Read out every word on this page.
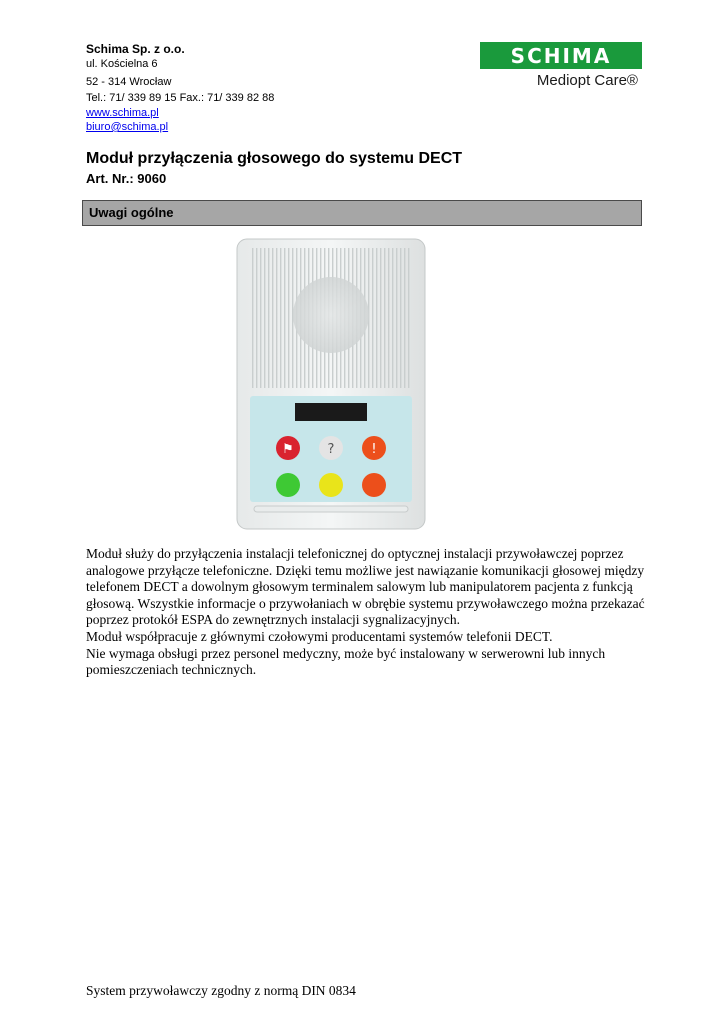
Schima Sp. z o.o.
ul. Kościelna 6
52 - 314 Wrocław
Tel.: 71/ 339 89 15 Fax.: 71/ 339 82 88
www.schima.pl
biuro@schima.pl
SCHIMA
Mediopt Care®
Moduł przyłączenia głosowego do systemu DECT
Art. Nr.: 9060
Uwagi ogólne
⚑	?	!

Moduł służy do przyłączenia instalacji telefonicznej do optycznej instalacji przywoławczej poprzez analogowe przyłącze telefoniczne. Dzięki temu możliwe jest nawiązanie komunikacji głosowej między telefonem DECT a dowolnym głosowym terminalem salowym lub manipulatorem pacjenta z funkcją głosową. Wszystkie informacje o przywołaniach w obrębie systemu przywoławczego można przekazać poprzez protokół ESPA do zewnętrznych instalacji sygnalizacyjnych.

Moduł współpracuje z głównymi czołowymi producentami systemów telefonii DECT.

Nie wymaga obsługi przez personel medyczny, może być instalowany w serwerowni lub innych pomieszczeniach technicznych.

System przywoławczy zgodny z normą DIN 0834
